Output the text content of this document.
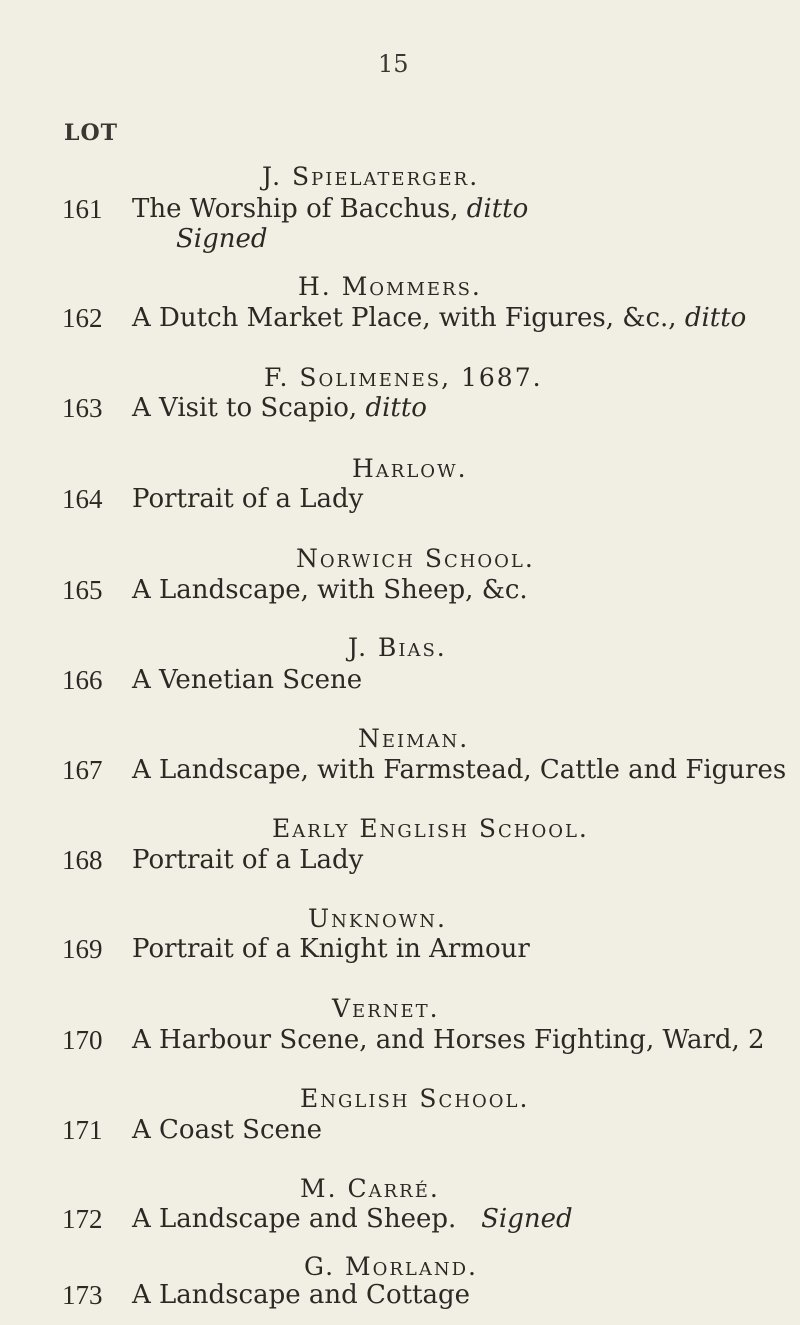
15
LOT
J. Spielaterger.
161 The Worship of Bacchus, ditto
Signed
H. Mommers.
162 A Dutch Market Place, with Figures, &c., ditto
F. Solimenes, 1687.
163 A Visit to Scapio, ditto
Harlow.
164 Portrait of a Lady
Norwich School.
165 A Landscape, with Sheep, &c.
J. Bias.
166 A Venetian Scene
Neiman.
167 A Landscape, with Farmstead, Cattle and Figures
Early English School.
168 Portrait of a Lady
Unknown.
169 Portrait of a Knight in Armour
Vernet.
170 A Harbour Scene, and Horses Fighting, Ward, 2
English School.
171 A Coast Scene
M. Carré.
172 A Landscape and Sheep. Signed
G. Morland.
173 A Landscape and Cottage
